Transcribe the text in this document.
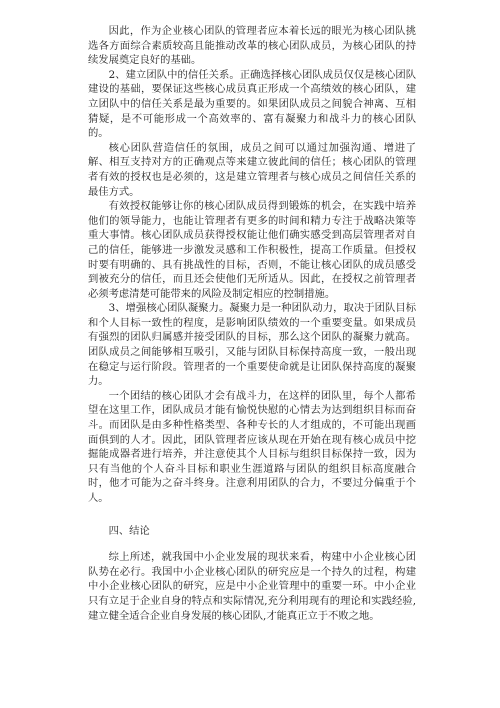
因此，作为企业核心团队的管理者应本着长远的眼光为核心团队挑选各方面综合素质较高且能推动改革的核心团队成员，为核心团队的持续发展奠定良好的基础。

2、建立团队中的信任关系。正确选择核心团队成员仅仅是核心团队建设的基础，要保证这些核心成员真正形成一个高绩效的核心团队，建立团队中的信任关系是最为重要的。如果团队成员之间貌合神离、互相猜疑，是不可能形成一个高效率的、富有凝聚力和战斗力的核心团队的。

核心团队营造信任的氛围，成员之间可以通过加强沟通、增进了解、相互支持对方的正确观点等来建立彼此间的信任；核心团队的管理者有效的授权也是必须的，这是建立管理者与核心成员之间信任关系的最佳方式。

有效授权能够让你的核心团队成员得到锻炼的机会，在实践中培养他们的领导能力，也能让管理者有更多的时间和精力专注于战略决策等重大事情。核心团队成员获得授权能让他们确实感受到高层管理者对自己的信任，能够进一步激发灵感和工作积极性，提高工作质量。但授权时要有明确的、具有挑战性的目标，否则，不能让核心团队的成员感受到被充分的信任，而且还会使他们无所适从。因此，在授权之前管理者必须考虑清楚可能带来的风险及制定相应的控制措施。

3、增强核心团队凝聚力。凝聚力是一种团队动力，取决于团队目标和个人目标一致性的程度，是影响团队绩效的一个重要变量。如果成员有强烈的团队归属感并接受团队的目标，那么这个团队的凝聚力就高。团队成员之间能够相互吸引，又能与团队目标保持高度一致，一般出现在稳定与运行阶段。管理者的一个重要使命就是让团队保持高度的凝聚力。

一个团结的核心团队才会有战斗力，在这样的团队里，每个人都希望在这里工作，团队成员才能有愉悦快慰的心情去为达到组织目标而奋斗。而团队是由多种性格类型、各种专长的人才组成的，不可能出现画面俱到的人才。因此，团队管理者应该从现在开始在现有核心成员中挖掘能成器者进行培养，并注意使其个人目标与组织目标保持一致，因为只有当他的个人奋斗目标和职业生涯道路与团队的组织目标高度融合时，他才可能为之奋斗终身。注意利用团队的合力，不要过分偏重于个人。

四、结论

综上所述，就我国中小企业发展的现状来看，构建中小企业核心团队势在必行。我国中小企业核心团队的研究应是一个持久的过程，构建中小企业核心团队的研究，应是中小企业管理中的重要一环。中小企业只有立足于企业自身的特点和实际情况,充分利用现有的理论和实践经验,建立健全适合企业自身发展的核心团队,才能真正立于不败之地。
